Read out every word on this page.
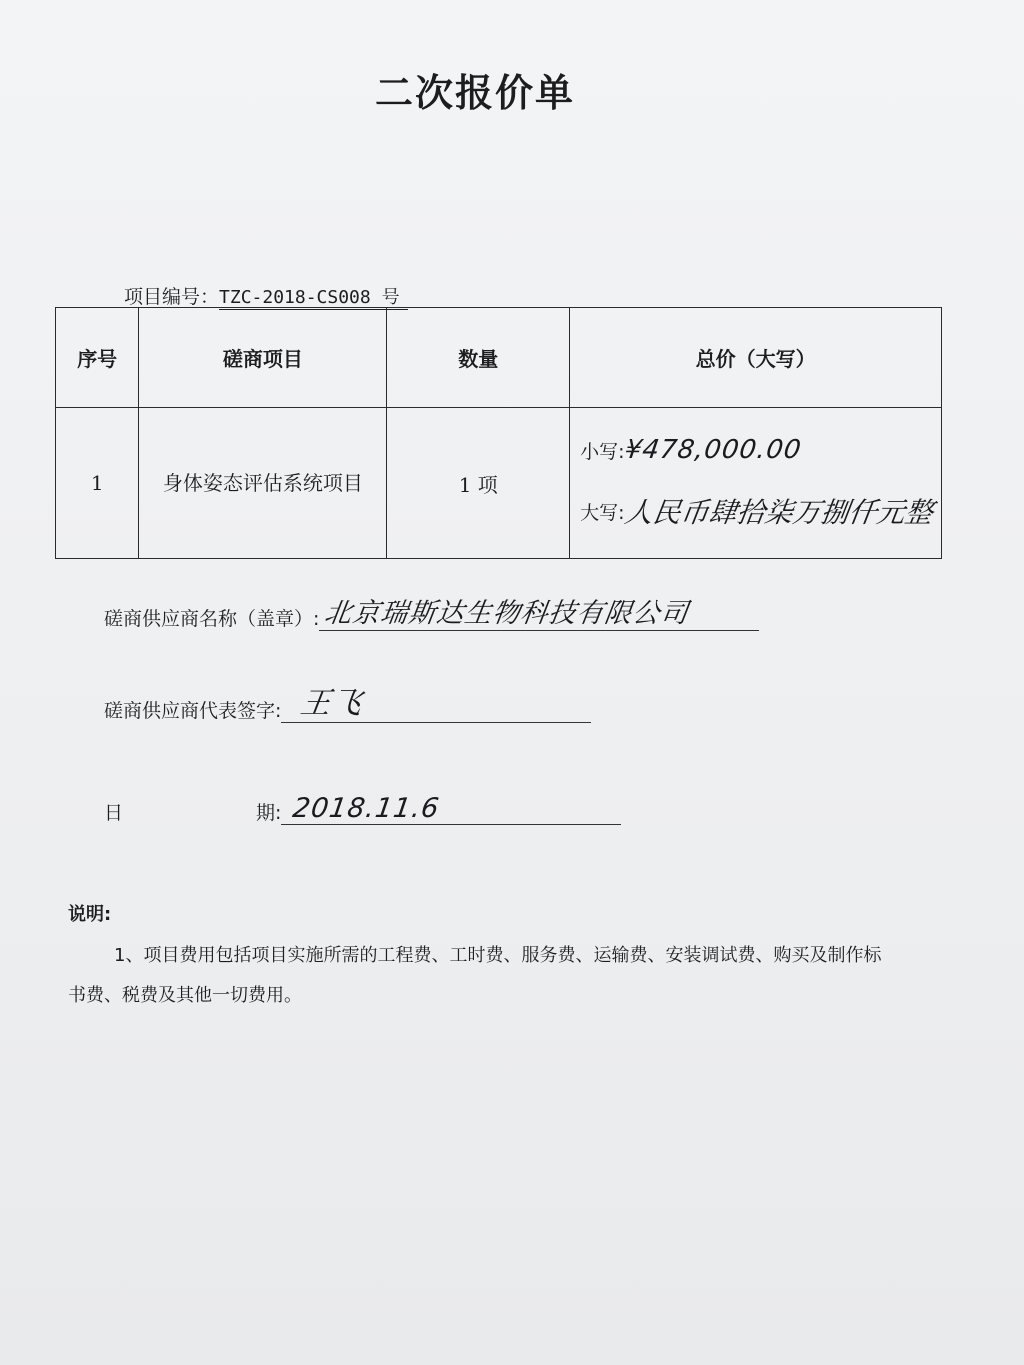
二次报价单
项目编号： TZC-2018-CS008 号
序号	磋商项目	数量	总价（大写）
1	身体姿态评估系统项目	1 项	小写:
¥478,000.00
大写:
人民币肆拾柒万捌仟元整
磋商供应商名称（盖章）: 北京瑞斯达生物科技有限公司
磋商供应商代表签字: 王飞
日	期: 2018.11.6
说明:
1、项目费用包括项目实施所需的工程费、工时费、服务费、运输费、安装调试费、购买及制作标书费、税费及其他一切费用。
